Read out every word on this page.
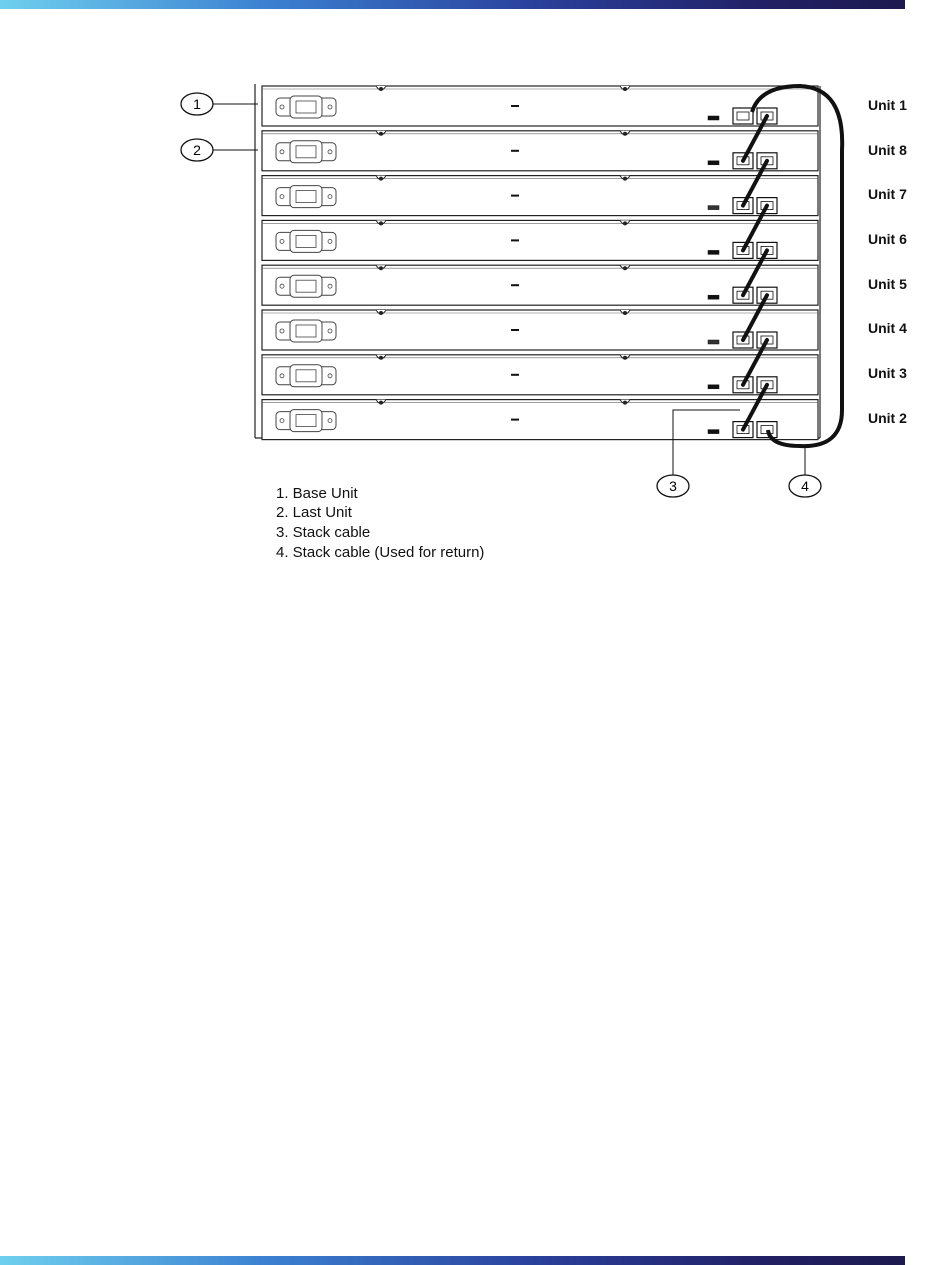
1
2
3	4
Unit 1
Unit 8
Unit 7
Unit 6
Unit 5
Unit 4
Unit 3
Unit 2
1. Base Unit
2. Last Unit
3. Stack cable
4. Stack cable (Used for return)
